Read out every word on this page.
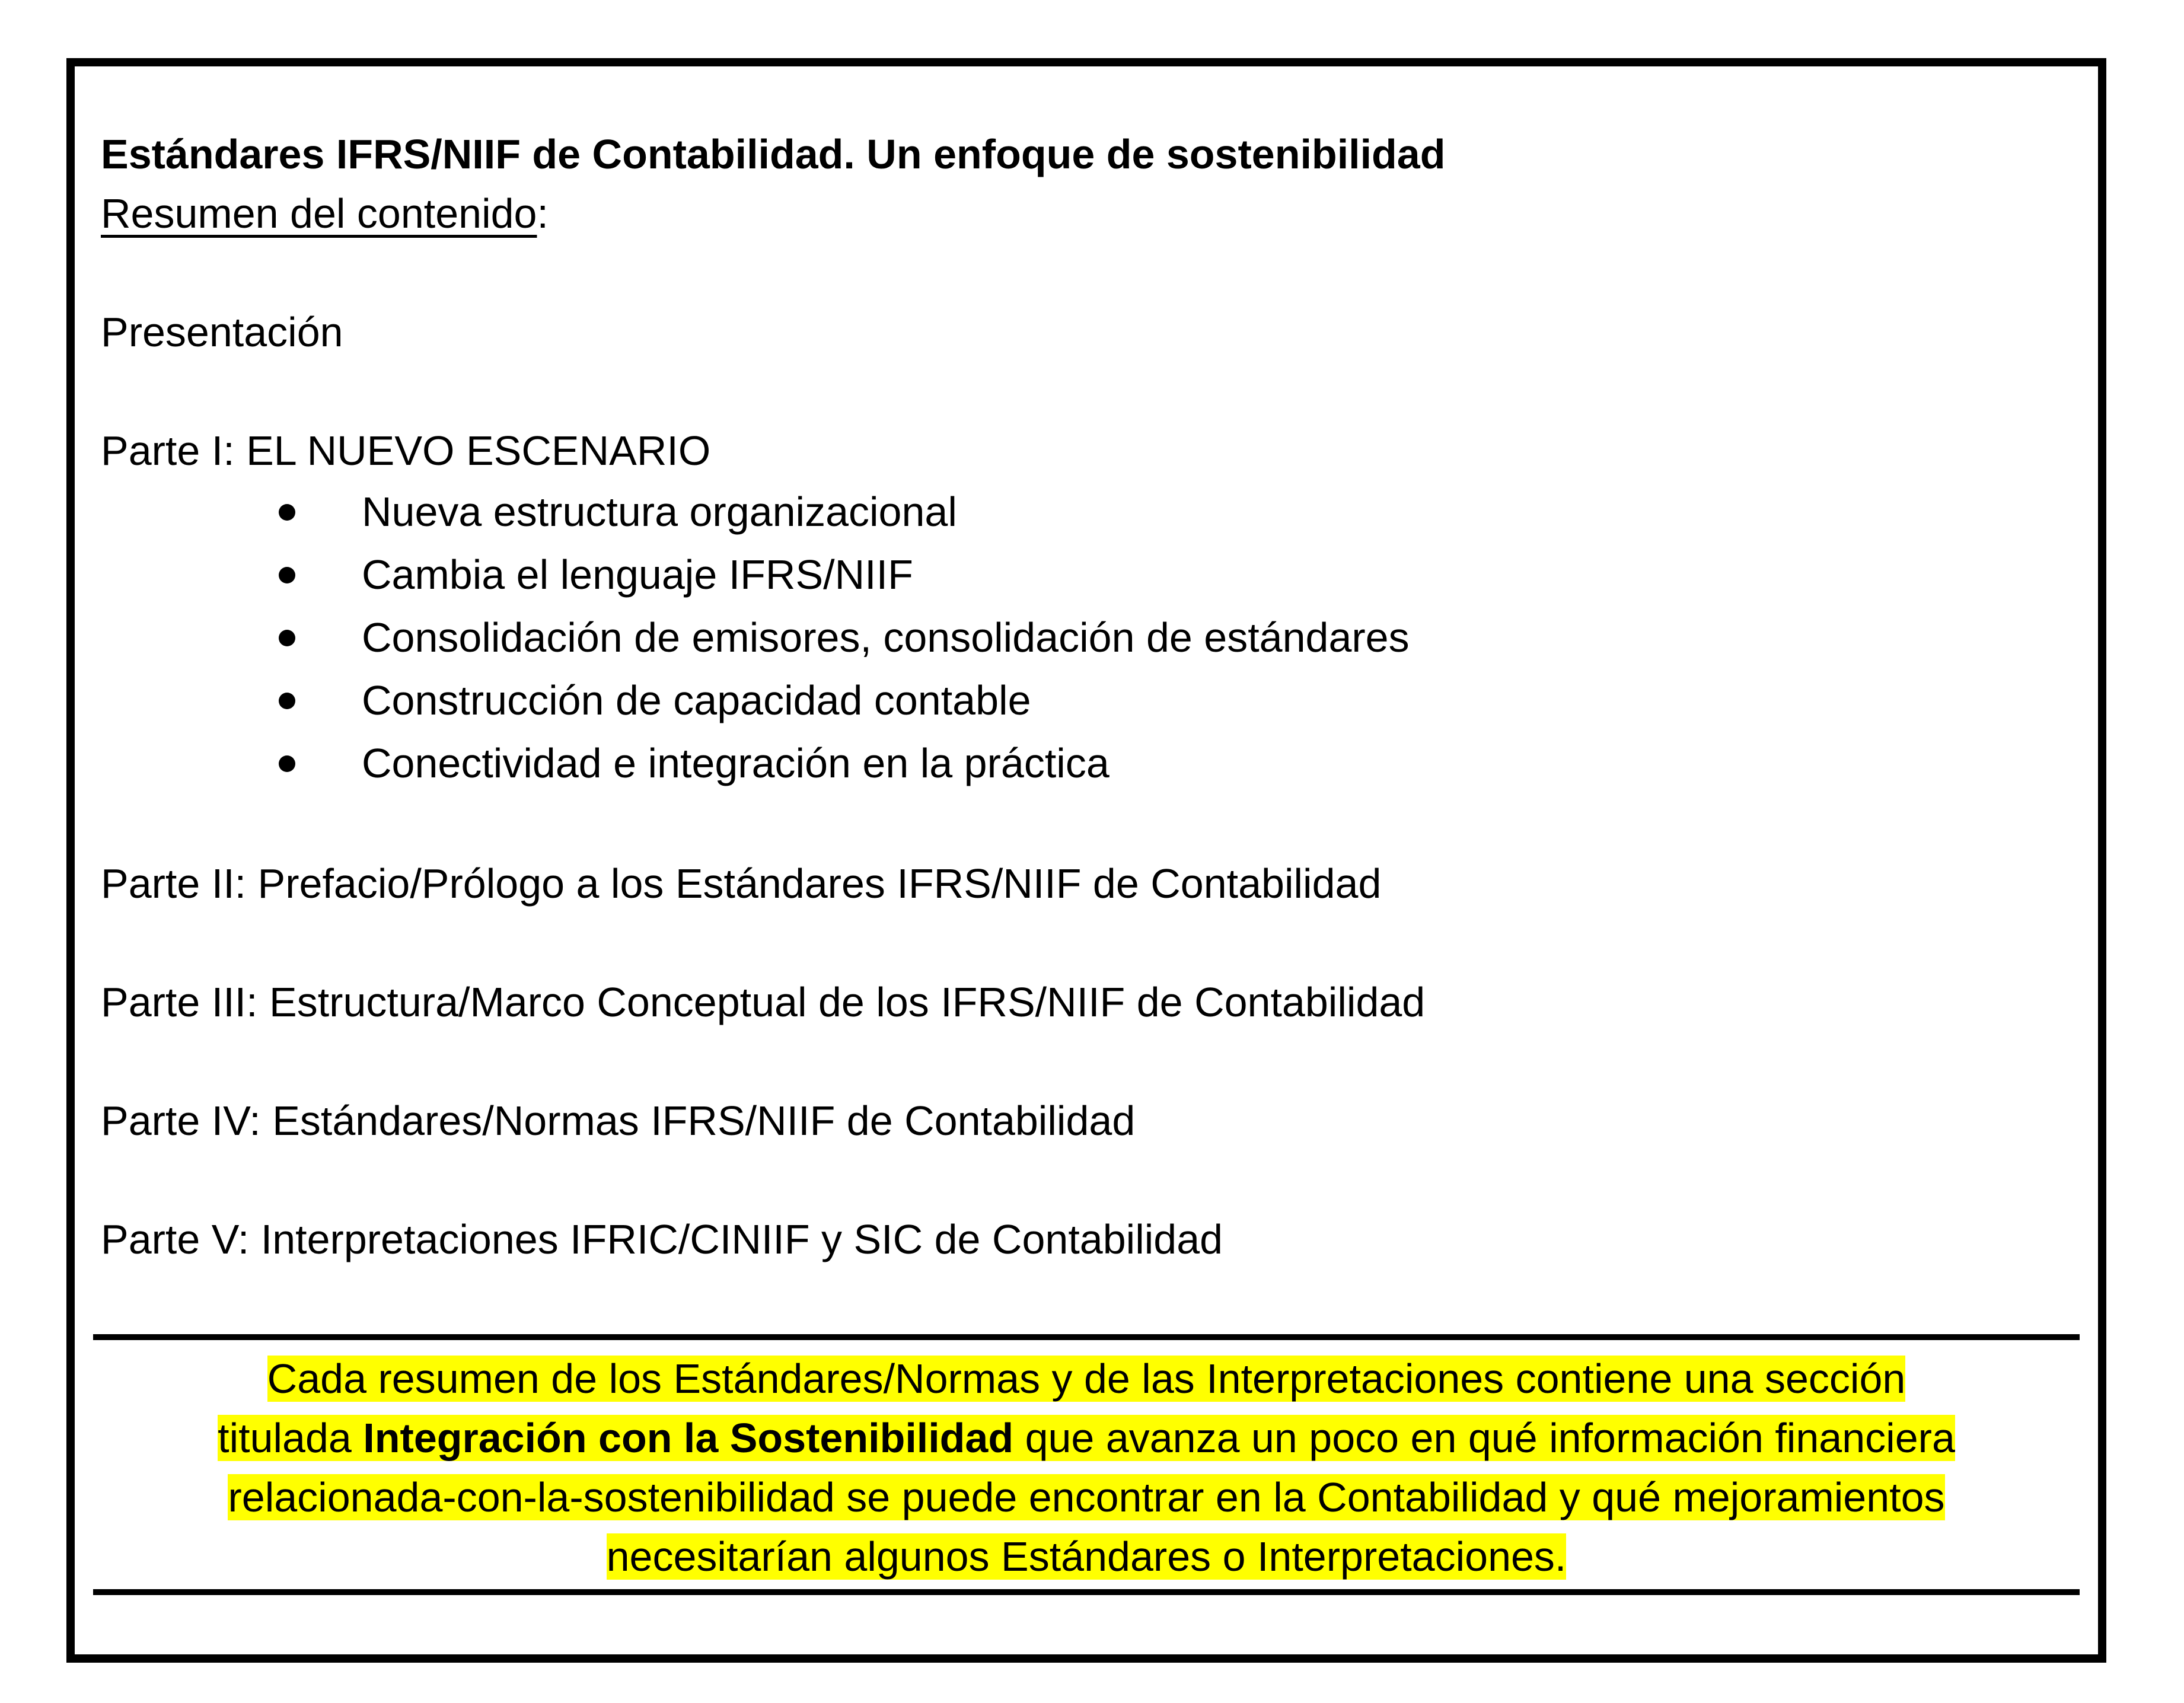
Estándares IFRS/NIIF de Contabilidad. Un enfoque de sostenibilidad
Resumen del contenido:
Presentación
Parte I: EL NUEVO ESCENARIO
Nueva estructura organizacional
Cambia el lenguaje IFRS/NIIF
Consolidación de emisores, consolidación de estándares
Construcción de capacidad contable
Conectividad e integración en la práctica
Parte II: Prefacio/Prólogo a los Estándares IFRS/NIIF de Contabilidad
Parte III: Estructura/Marco Conceptual de los IFRS/NIIF de Contabilidad
Parte IV: Estándares/Normas IFRS/NIIF de Contabilidad
Parte V: Interpretaciones IFRIC/CINIIF y SIC de Contabilidad
Cada resumen de los Estándares/Normas y de las Interpretaciones contiene una sección
titulada Integración con la Sostenibilidad que avanza un poco en qué información financiera
relacionada-con-la-sostenibilidad se puede encontrar en la Contabilidad y qué mejoramientos
necesitarían algunos Estándares o Interpretaciones.
